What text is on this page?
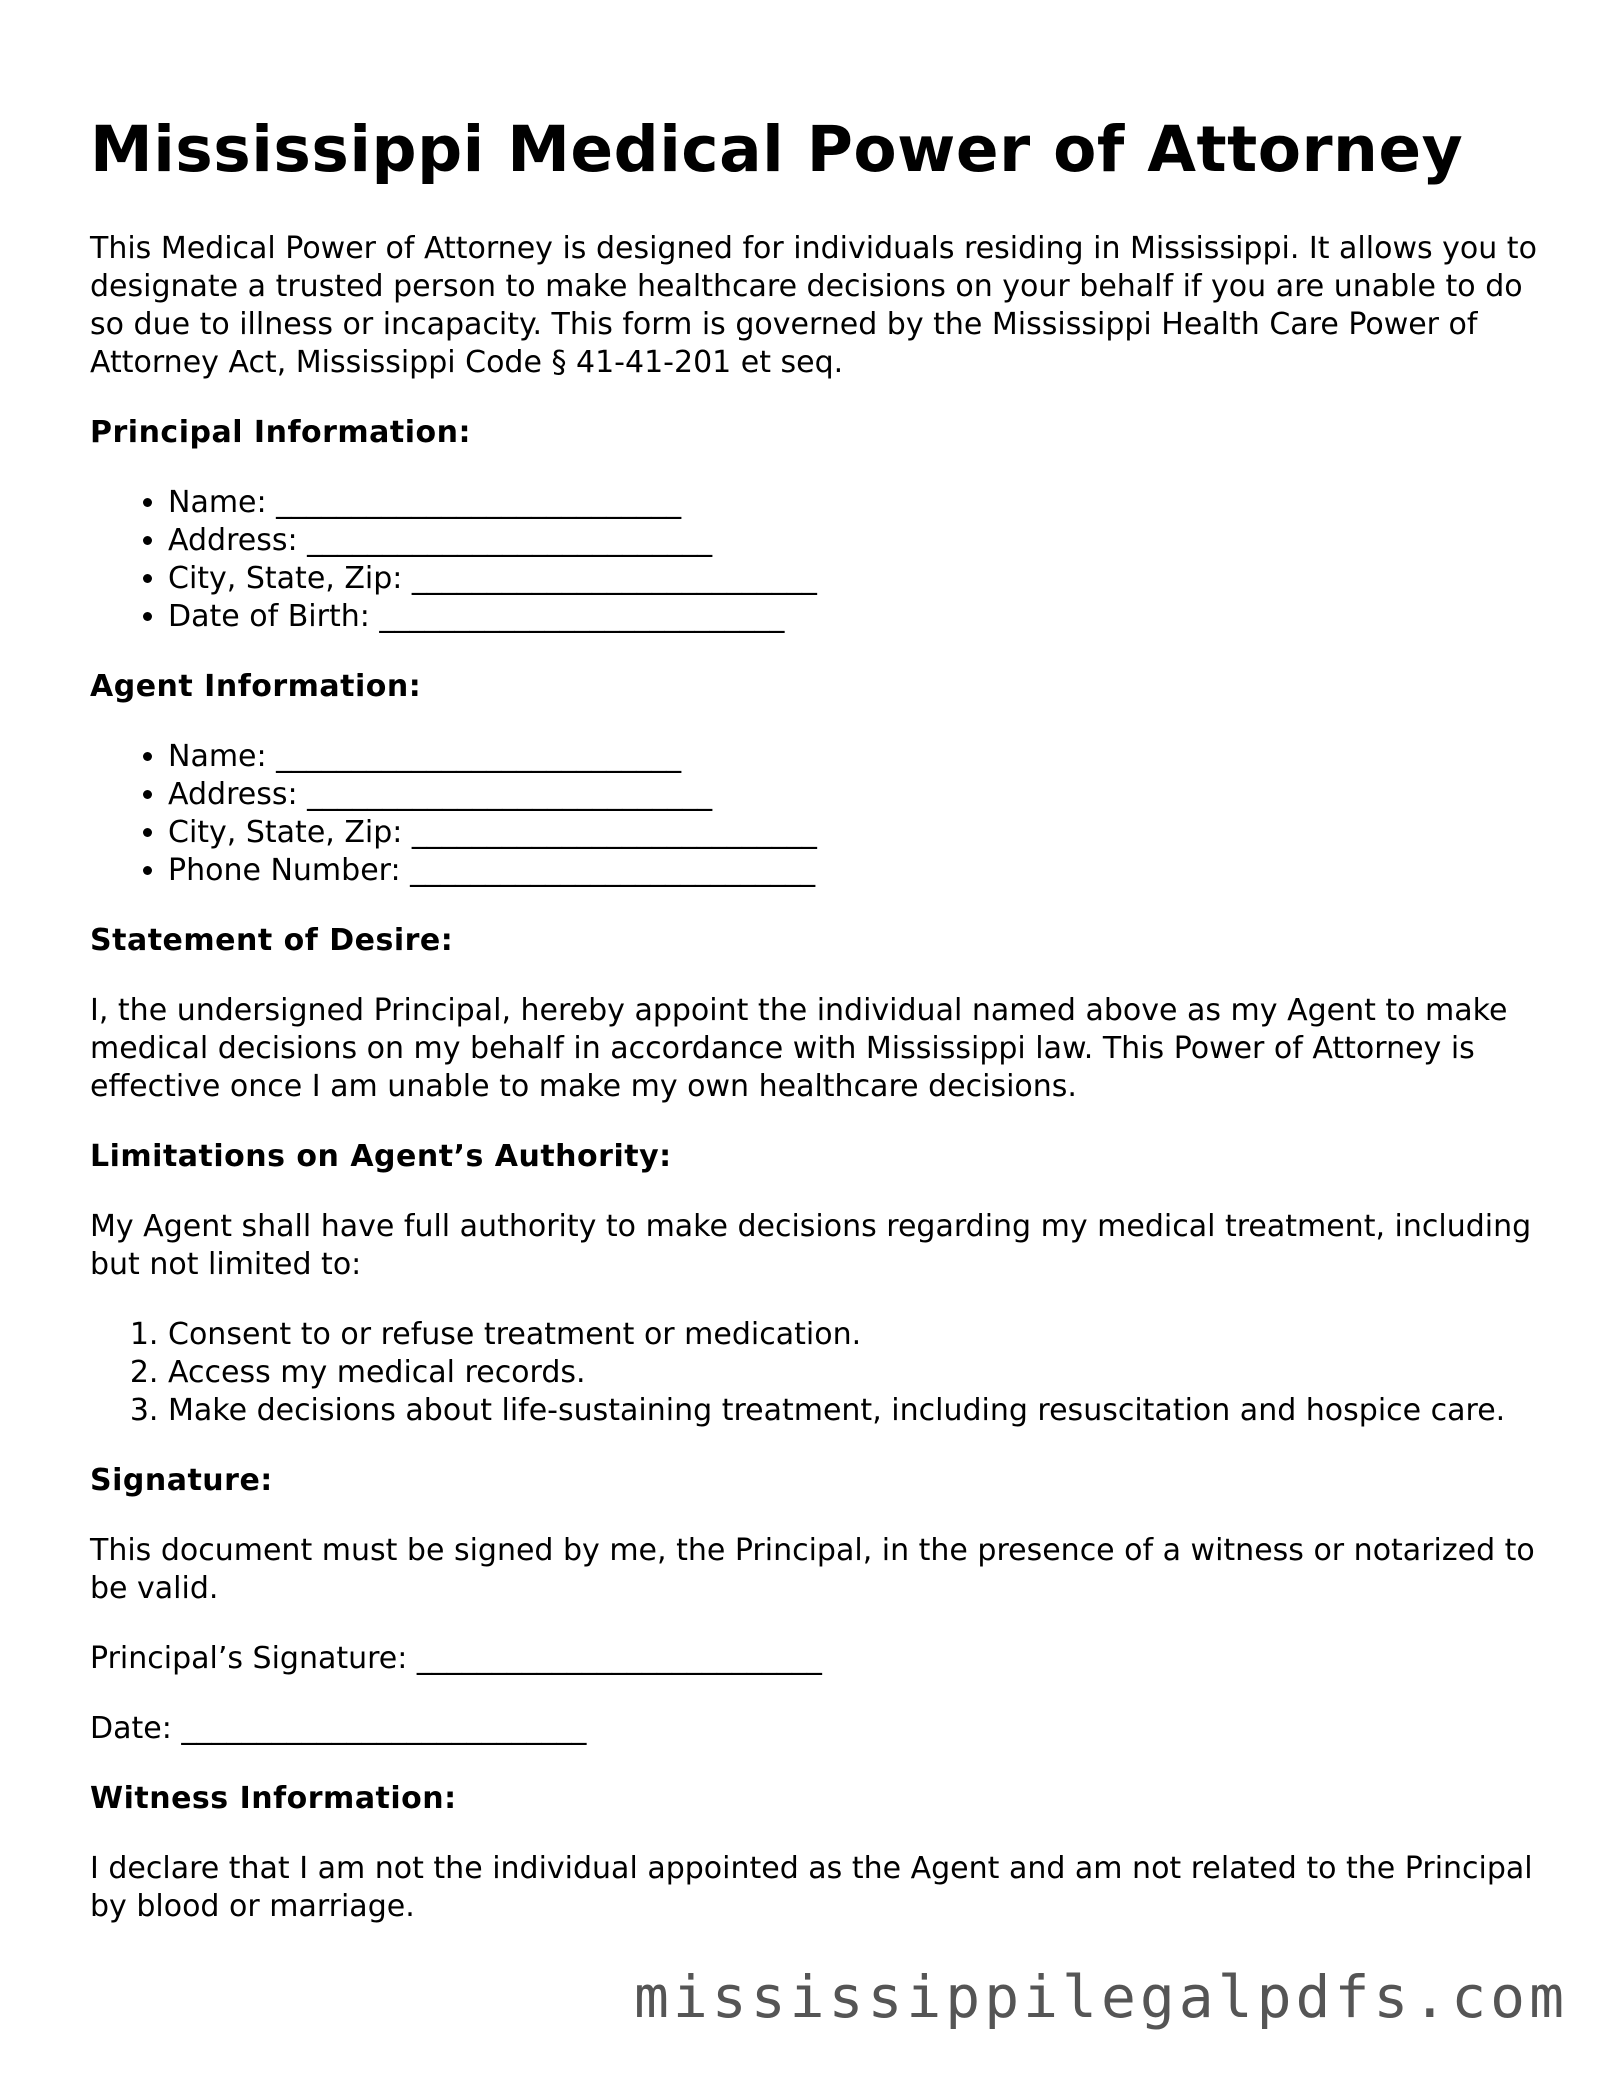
Mississippi Medical Power of Attorney

This Medical Power of Attorney is designed for individuals residing in Mississippi. It allows you to designate a trusted person to make healthcare decisions on your behalf if you are unable to do so due to illness or incapacity. This form is governed by the Mississippi Health Care Power of Attorney Act, Mississippi Code § 41-41-201 et seq.

Principal Information:
• Name: ___________________________
• Address: ___________________________
• City, State, Zip: ___________________________
• Date of Birth: ___________________________
Agent Information:
• Name: ___________________________
• Address: ___________________________
• City, State, Zip: ___________________________
• Phone Number: ___________________________
Statement of Desire:

I, the undersigned Principal, hereby appoint the individual named above as my Agent to make medical decisions on my behalf in accordance with Mississippi law. This Power of Attorney is effective once I am unable to make my own healthcare decisions.

Limitations on Agent’s Authority:

My Agent shall have full authority to make decisions regarding my medical treatment, including but not limited to:

1. Consent to or refuse treatment or medication.
2. Access my medical records.
3. Make decisions about life-sustaining treatment, including resuscitation and hospice care.
Signature:

This document must be signed by me, the Principal, in the presence of a witness or notarized to be valid.

Principal’s Signature: ___________________________

Date: ___________________________

Witness Information:

I declare that I am not the individual appointed as the Agent and am not related to the Principal by blood or marriage.

mississippilegalpdfs.com
